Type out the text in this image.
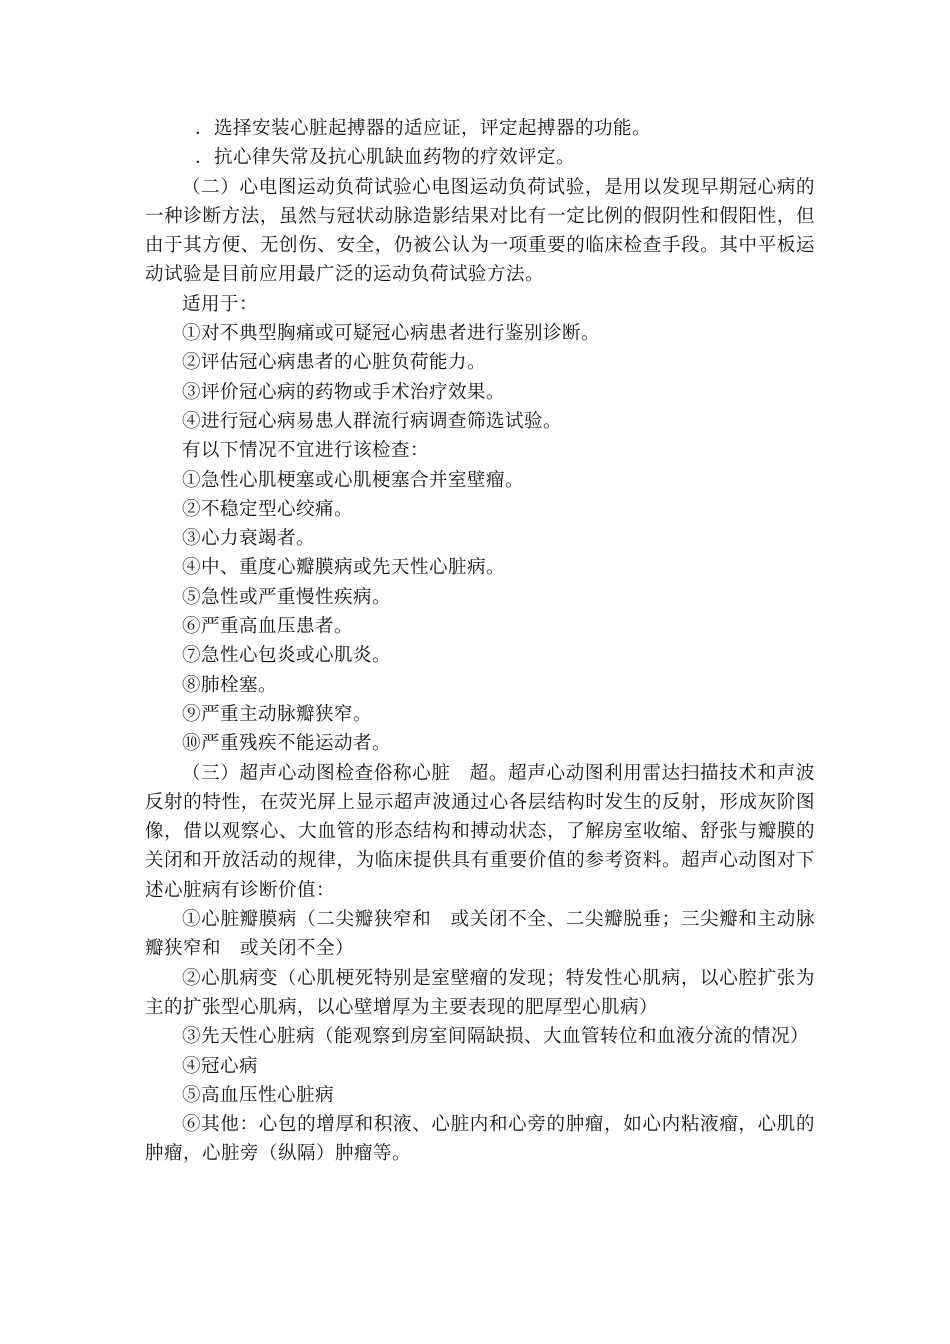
．选择安装心脏起搏器的适应证，评定起搏器的功能。

．抗心律失常及抗心肌缺血药物的疗效评定。

（二）心电图运动负荷试验心电图运动负荷试验，是用以发现早期冠心病的一种诊断方法，虽然与冠状动脉造影结果对比有一定比例的假阴性和假阳性，但由于其方便、无创伤、安全，仍被公认为一项重要的临床检查手段。其中平板运动试验是目前应用最广泛的运动负荷试验方法。

适用于：

①对不典型胸痛或可疑冠心病患者进行鉴别诊断。

②评估冠心病患者的心脏负荷能力。

③评价冠心病的药物或手术治疗效果。

④进行冠心病易患人群流行病调查筛选试验。

有以下情况不宜进行该检查：

①急性心肌梗塞或心肌梗塞合并室壁瘤。

②不稳定型心绞痛。

③心力衰竭者。

④中、重度心瓣膜病或先天性心脏病。

⑤急性或严重慢性疾病。

⑥严重高血压患者。

⑦急性心包炎或心肌炎。

⑧肺栓塞。

⑨严重主动脉瓣狭窄。

⑩严重残疾不能运动者。

（三）超声心动图检查俗称心脏　超。超声心动图利用雷达扫描技术和声波反射的特性，在荧光屏上显示超声波通过心各层结构时发生的反射，形成灰阶图像，借以观察心、大血管的形态结构和搏动状态，了解房室收缩、舒张与瓣膜的关闭和开放活动的规律，为临床提供具有重要价值的参考资料。超声心动图对下述心脏病有诊断价值：

①心脏瓣膜病（二尖瓣狭窄和　或关闭不全、二尖瓣脱垂；三尖瓣和主动脉瓣狭窄和　或关闭不全）

②心肌病变（心肌梗死特别是室壁瘤的发现；特发性心肌病，以心腔扩张为主的扩张型心肌病，以心壁增厚为主要表现的肥厚型心肌病）

③先天性心脏病（能观察到房室间隔缺损、大血管转位和血液分流的情况）

④冠心病

⑤高血压性心脏病

⑥其他：心包的增厚和积液、心脏内和心旁的肿瘤，如心内粘液瘤，心肌的肿瘤，心脏旁（纵隔）肿瘤等。
